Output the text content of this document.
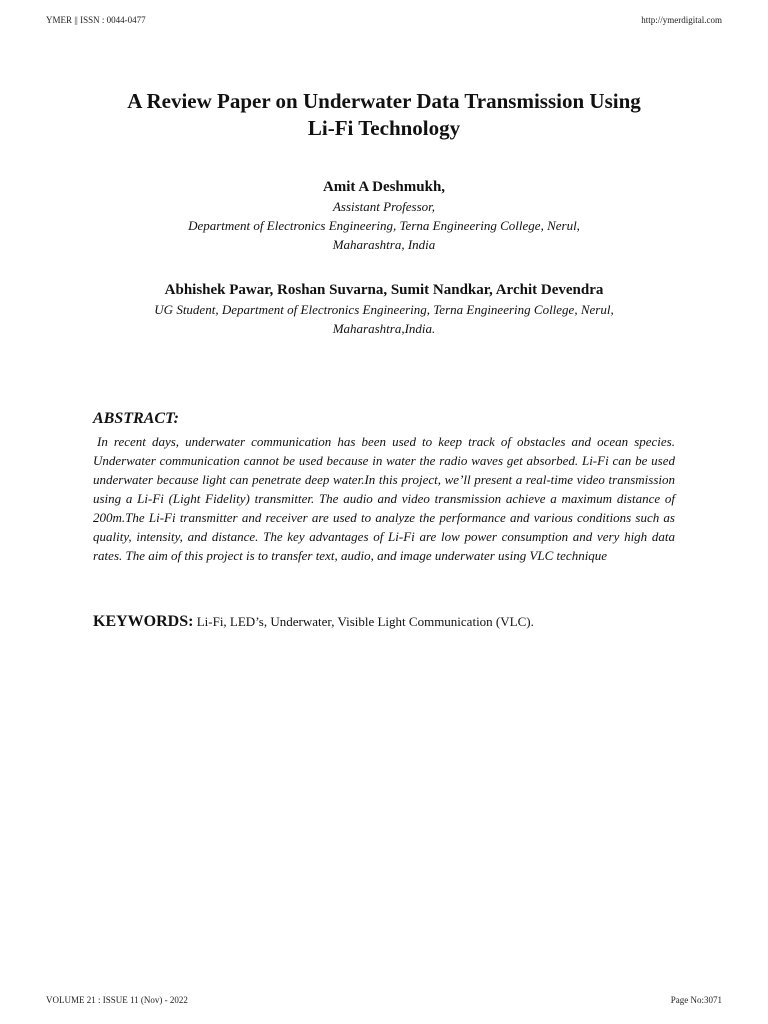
YMER || ISSN : 0044-0477	http://ymerdigital.com
A Review Paper on Underwater Data Transmission Using
Li-Fi Technology
Amit A Deshmukh,
Assistant Professor,
Department of Electronics Engineering, Terna Engineering College, Nerul,
Maharashtra, India
Abhishek Pawar, Roshan Suvarna, Sumit Nandkar, Archit Devendra
UG Student, Department of Electronics Engineering, Terna Engineering College, Nerul,
Maharashtra,India.
ABSTRACT:

In recent days, underwater communication has been used to keep track of obstacles and ocean species. Underwater communication cannot be used because in water the radio waves get absorbed. Li-Fi can be used underwater because light can penetrate deep water.In this project, we’ll present a real-time video transmission using a Li-Fi (Light Fidelity) transmitter. The audio and video transmission achieve a maximum distance of 200m.The Li-Fi transmitter and receiver are used to analyze the performance and various conditions such as quality, intensity, and distance. The key advantages of Li-Fi are low power consumption and very high data rates. The aim of this project is to transfer text, audio, and image underwater using VLC technique

KEYWORDS: Li-Fi, LED’s, Underwater, Visible Light Communication (VLC).
VOLUME 21 : ISSUE 11 (Nov) - 2022	Page No:3071
